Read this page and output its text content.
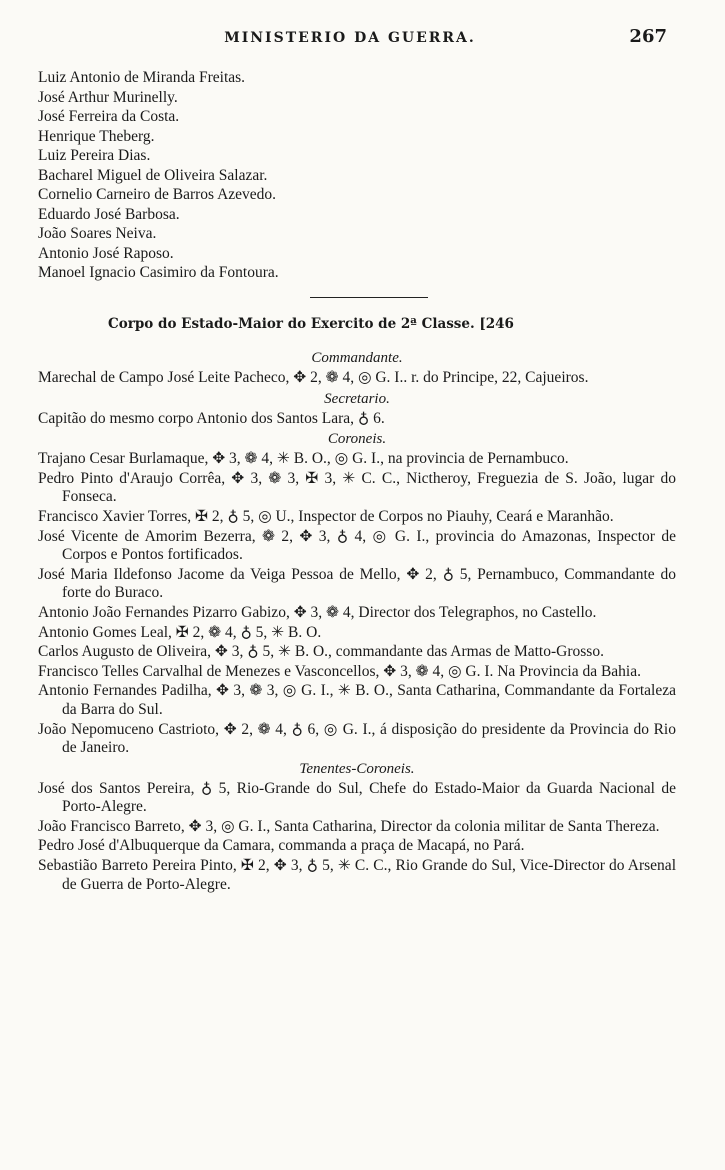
MINISTERIO DA GUERRA.	267
Luiz Antonio de Miranda Freitas.
José Arthur Murinelly.
José Ferreira da Costa.
Henrique Theberg.
Luiz Pereira Dias.
Bacharel Miguel de Oliveira Salazar.
Cornelio Carneiro de Barros Azevedo.
Eduardo José Barbosa.
João Soares Neiva.
Antonio José Raposo.
Manoel Ignacio Casimiro da Fontoura.
Corpo do Estado-Maior do Exercito de 2ª Classe. [246
Commandante.
Marechal de Campo José Leite Pacheco, ✥ 2, ❁ 4, ◎ G. I.. r. do Principe, 22, Cajueiros.
Secretario.
Capitão do mesmo corpo Antonio dos Santos Lara, ♁ 6.
Coroneis.
Trajano Cesar Burlamaque, ✥ 3, ❁ 4, ✳ B. O., ◎ G. I., na provincia de Pernambuco.
Pedro Pinto d'Araujo Corrêa, ✥ 3, ❁ 3, ✠ 3, ✳ C. C., Nictheroy, Freguezia de S. João, lugar do Fonseca.
Francisco Xavier Torres, ✠ 2, ♁ 5, ◎ U., Inspector de Corpos no Piauhy, Ceará e Maranhão.
José Vicente de Amorim Bezerra, ❁ 2, ✥ 3, ♁ 4, ◎ G. I., provincia do Amazonas, Inspector de Corpos e Pontos fortificados.
José Maria Ildefonso Jacome da Veiga Pessoa de Mello, ✥ 2, ♁ 5, Pernambuco, Commandante do forte do Buraco.
Antonio João Fernandes Pizarro Gabizo, ✥ 3, ❁ 4, Director dos Telegraphos, no Castello.
Antonio Gomes Leal, ✠ 2, ❁ 4, ♁ 5, ✳ B. O.
Carlos Augusto de Oliveira, ✥ 3, ♁ 5, ✳ B. O., commandante das Armas de Matto-Grosso.
Francisco Telles Carvalhal de Menezes e Vasconcellos, ✥ 3, ❁ 4, ◎ G. I. Na Provincia da Bahia.
Antonio Fernandes Padilha, ✥ 3, ❁ 3, ◎ G. I., ✳ B. O., Santa Catharina, Commandante da Fortaleza da Barra do Sul.
João Nepomuceno Castrioto, ✥ 2, ❁ 4, ♁ 6, ◎ G. I., á disposição do presidente da Provincia do Rio de Janeiro.
Tenentes-Coroneis.
José dos Santos Pereira, ♁ 5, Rio-Grande do Sul, Chefe do Estado-Maior da Guarda Nacional de Porto-Alegre.
João Francisco Barreto, ✥ 3, ◎ G. I., Santa Catharina, Director da colonia militar de Santa Thereza.
Pedro José d'Albuquerque da Camara, commanda a praça de Macapá, no Pará.
Sebastião Barreto Pereira Pinto, ✠ 2, ✥ 3, ♁ 5, ✳ C. C., Rio Grande do Sul, Vice-Director do Arsenal de Guerra de Porto-Alegre.
